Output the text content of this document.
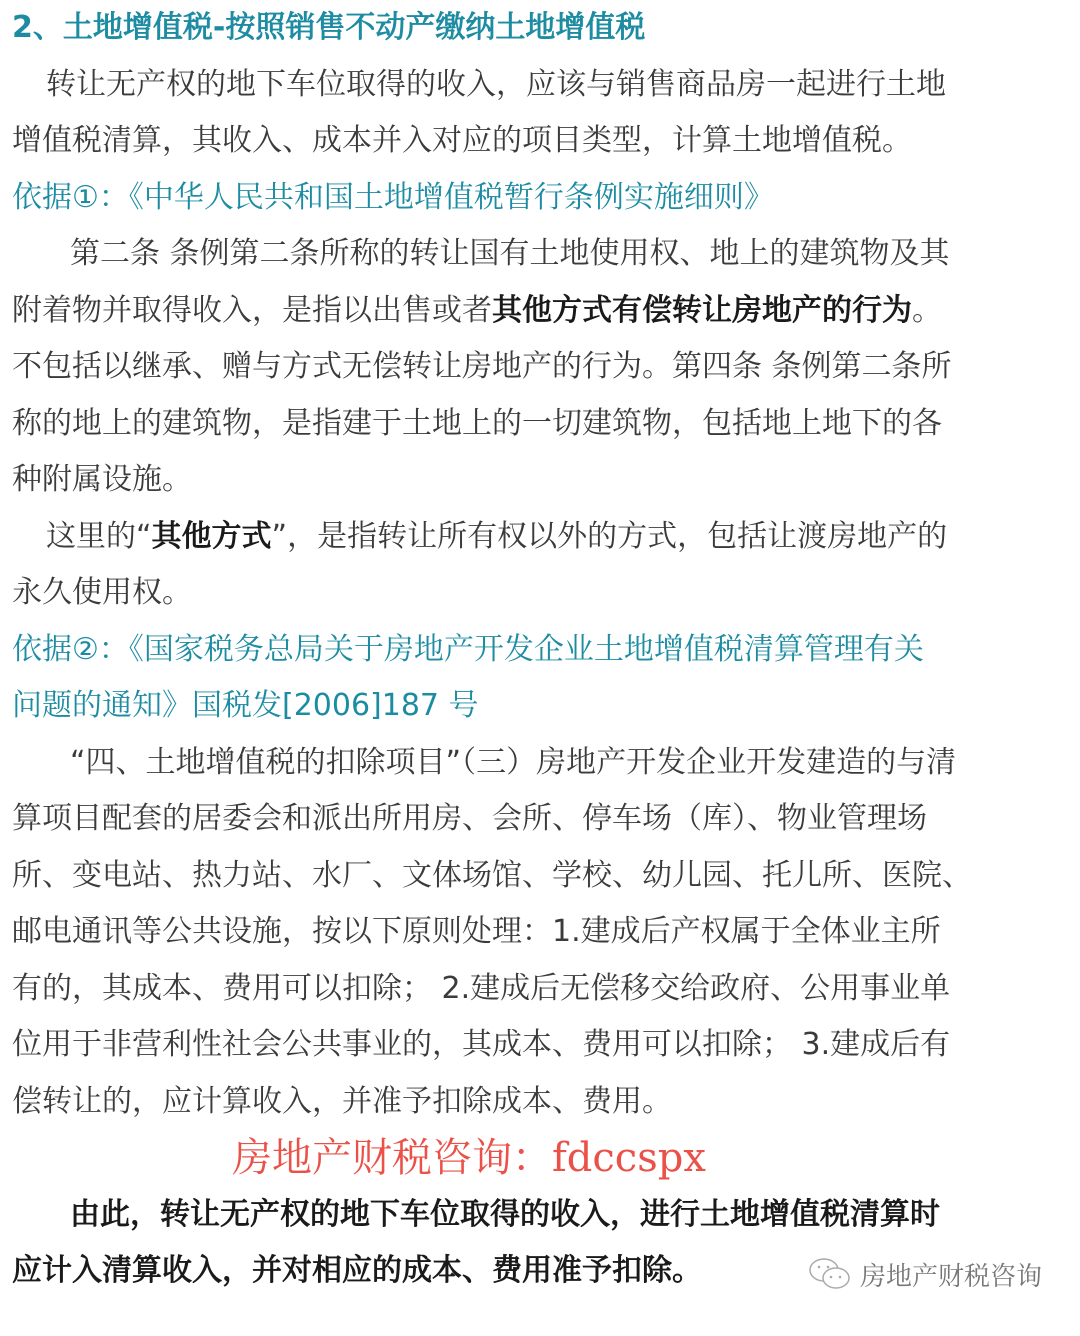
2、土地增值税-按照销售不动产缴纳土地增值税
转让无产权的地下车位取得的收入，应该与销售商品房一起进行土地
增值税清算，其收入、成本并入对应的项目类型，计算土地增值税。
依据①：《中华人民共和国土地增值税暂行条例实施细则》
第二条 条例第二条所称的转让国有土地使用权、地上的建筑物及其
附着物并取得收入，是指以出售或者其他方式有偿转让房地产的行为。
不包括以继承、赠与方式无偿转让房地产的行为。第四条 条例第二条所
称的地上的建筑物，是指建于土地上的一切建筑物，包括地上地下的各
种附属设施。
这里的“其他方式”，是指转让所有权以外的方式，包括让渡房地产的
永久使用权。
依据②：《国家税务总局关于房地产开发企业土地增值税清算管理有关
问题的通知》国税发[2006]187 号
“四、土地增值税的扣除项目”（三）房地产开发企业开发建造的与清
算项目配套的居委会和派出所用房、会所、停车场（库）、物业管理场
所、变电站、热力站、水厂、文体场馆、学校、幼儿园、托儿所、医院、
邮电通讯等公共设施，按以下原则处理：1.建成后产权属于全体业主所
有的，其成本、费用可以扣除； 2.建成后无偿移交给政府、公用事业单
位用于非营利性社会公共事业的，其成本、费用可以扣除； 3.建成后有
偿转让的，应计算收入，并准予扣除成本、费用。
房地产财税咨询：fdccspx
由此，转让无产权的地下车位取得的收入，进行土地增值税清算时
应计入清算收入，并对相应的成本、费用准予扣除。	房地产财税咨询
